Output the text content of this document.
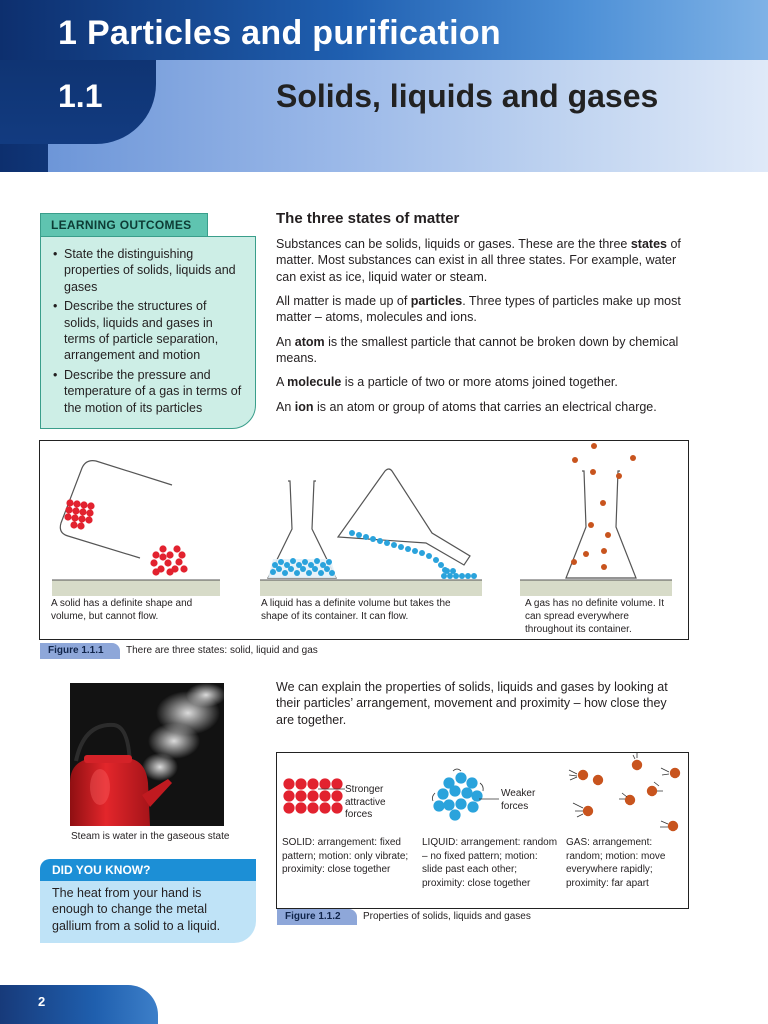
1 Particles and purification
1.1	Solids, liquids and gases
LEARNING OUTCOMES
• State the distinguishing properties of solids, liquids and gases
• Describe the structures of solids, liquids and gases in terms of particle separation, arrangement and motion
• Describe the pressure and temperature of a gas in terms of the motion of its particles
The three states of matter

Substances can be solids, liquids or gases. These are the three states of matter. Most substances can exist in all three states. For example, water can exist as ice, liquid water or steam.

All matter is made up of particles. Three types of particles make up most matter – atoms, molecules and ions.

An atom is the smallest particle that cannot be broken down by chemical means.

A molecule is a particle of two or more atoms joined together.

An ion is an atom or group of atoms that carries an electrical charge.

A solid has a definite shape and volume, but cannot flow.
A liquid has a definite volume but takes the shape of its container. It can flow.
A gas has no definite volume. It can spread everywhere throughout its container.
Figure 1.1.1	There are three states: solid, liquid and gas
Steam is water in the gaseous state
DID YOU KNOW?
The heat from your hand is enough to change the metal gallium from a solid to a liquid.

We can explain the properties of solids, liquids and gases by looking at their particles’ arrangement, movement and proximity – how close they are together.

Stronger attractive forces
Weaker forces
SOLID: arrangement: fixed pattern; motion: only vibrate; proximity: close together
LIQUID: arrangement: random – no fixed pattern; motion: slide past each other; proximity: close together
GAS: arrangement: random; motion: move everywhere rapidly; proximity: far apart
Figure 1.1.2	Properties of solids, liquids and gases
2
